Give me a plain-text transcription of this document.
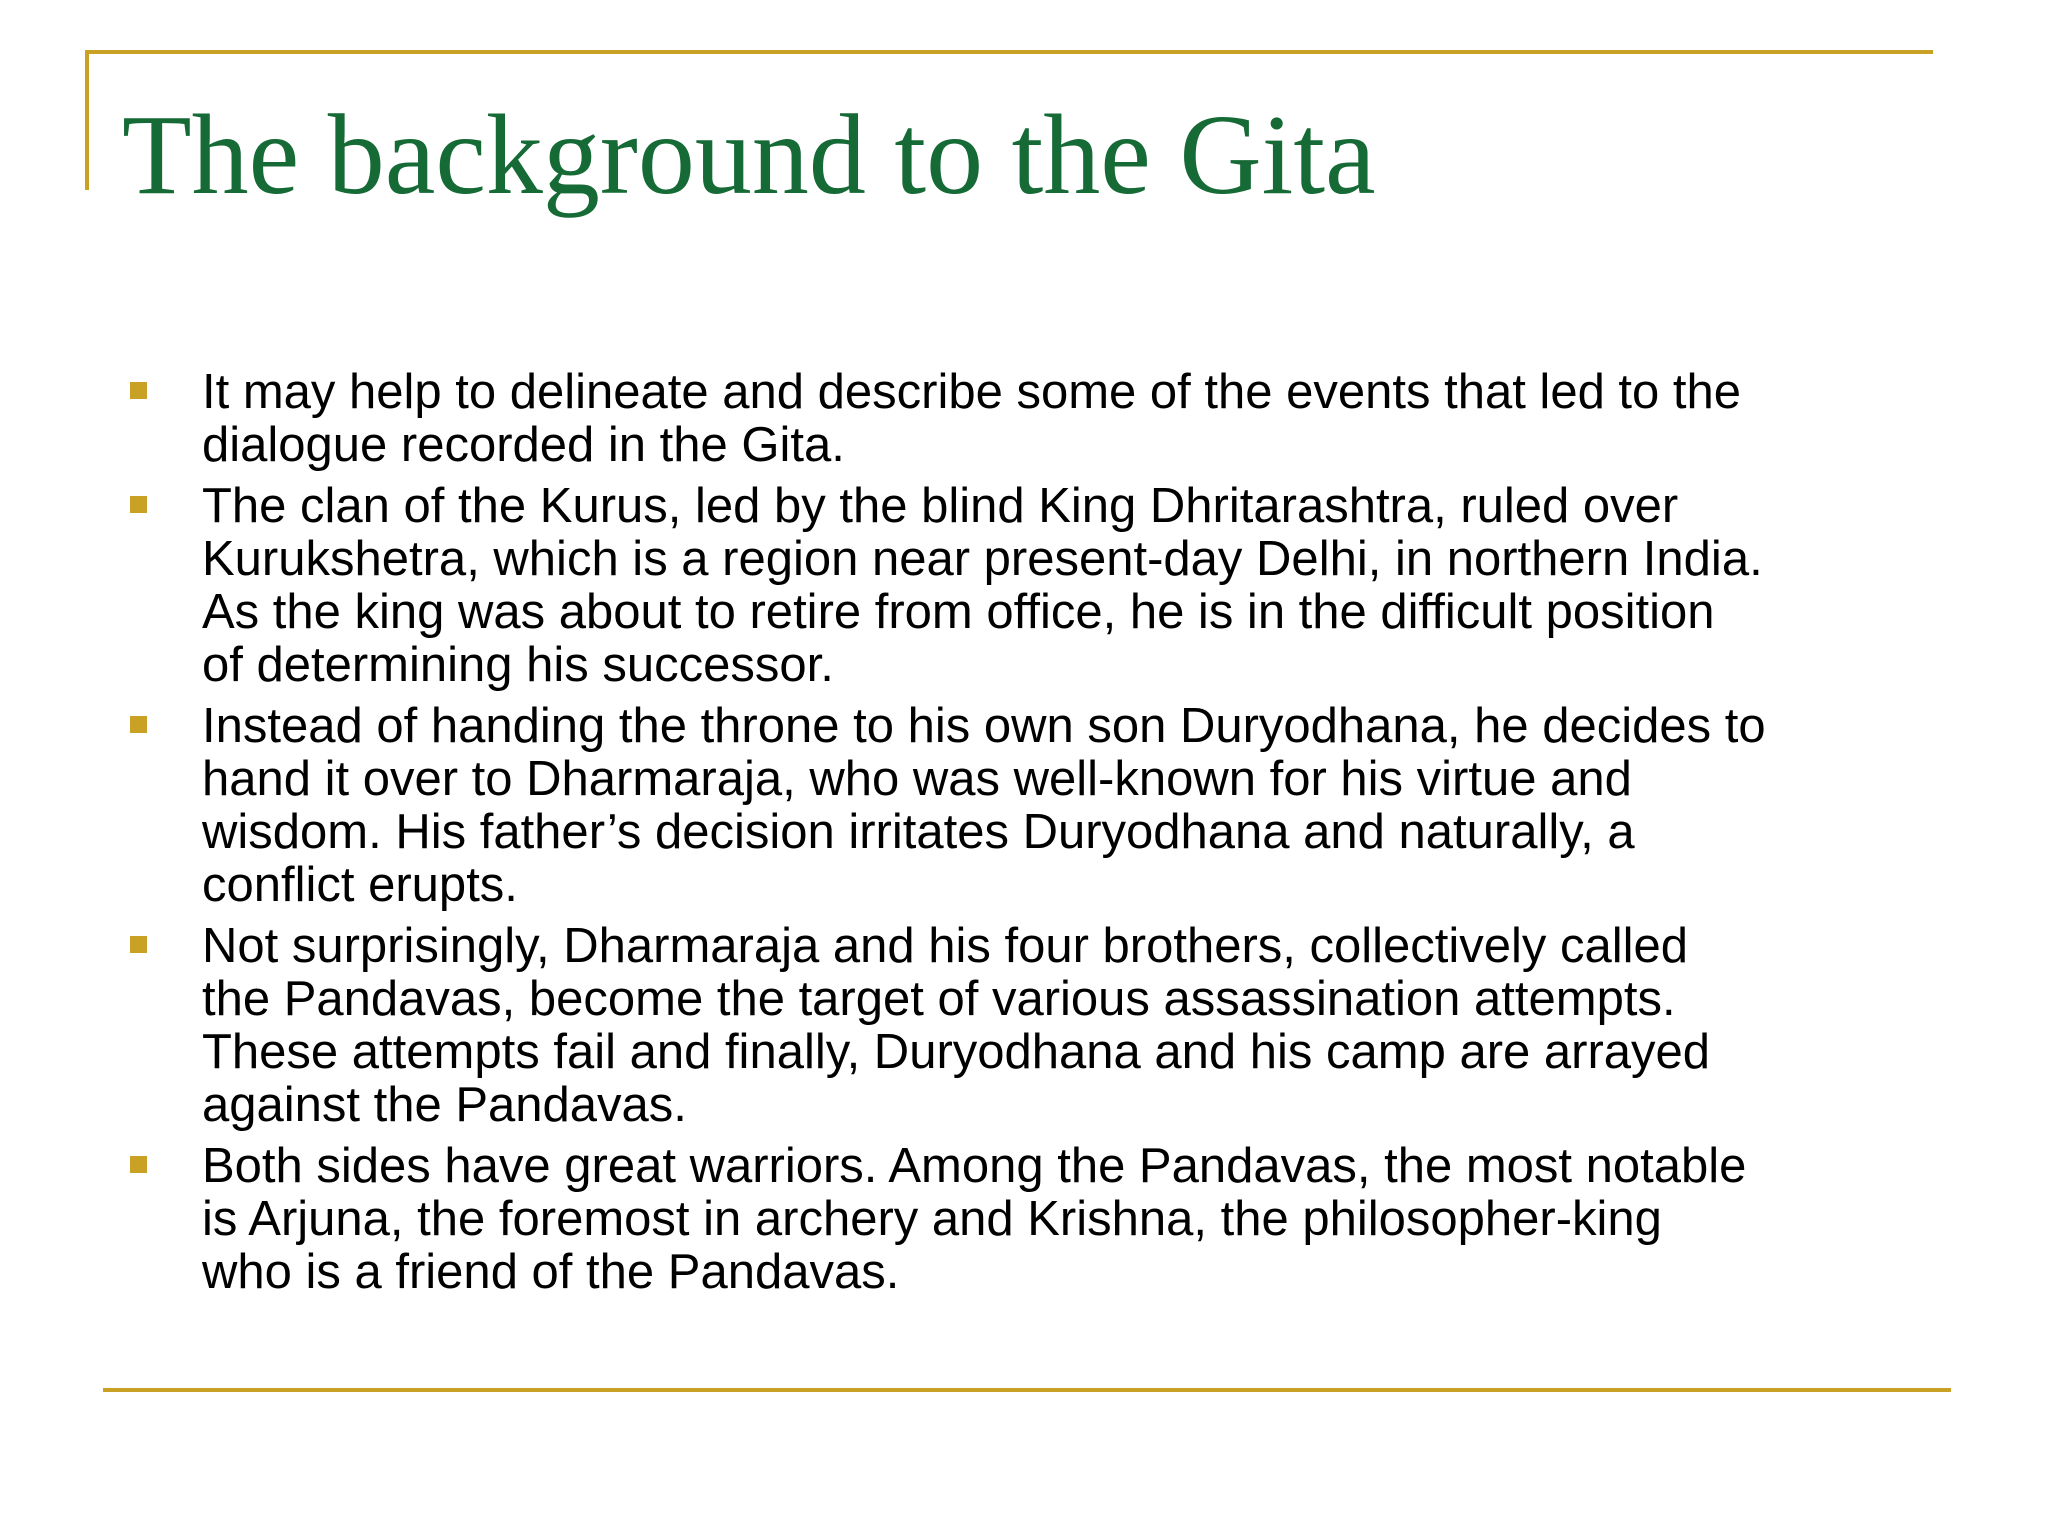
The background to the Gita
It may help to delineate and describe some of the events that led to the
dialogue recorded in the Gita.
The clan of the Kurus, led by the blind King Dhritarashtra, ruled over
Kurukshetra, which is a region near present-day Delhi, in northern India.
As the king was about to retire from office, he is in the difficult position
of determining his successor.
Instead of handing the throne to his own son Duryodhana, he decides to
hand it over to Dharmaraja, who was well-known for his virtue and
wisdom. His father’s decision irritates Duryodhana and naturally, a
conflict erupts.
Not surprisingly, Dharmaraja and his four brothers, collectively called
the Pandavas, become the target of various assassination attempts.
These attempts fail and finally, Duryodhana and his camp are arrayed
against the Pandavas.
Both sides have great warriors. Among the Pandavas, the most notable
is Arjuna, the foremost in archery and Krishna, the philosopher-king
who is a friend of the Pandavas.
